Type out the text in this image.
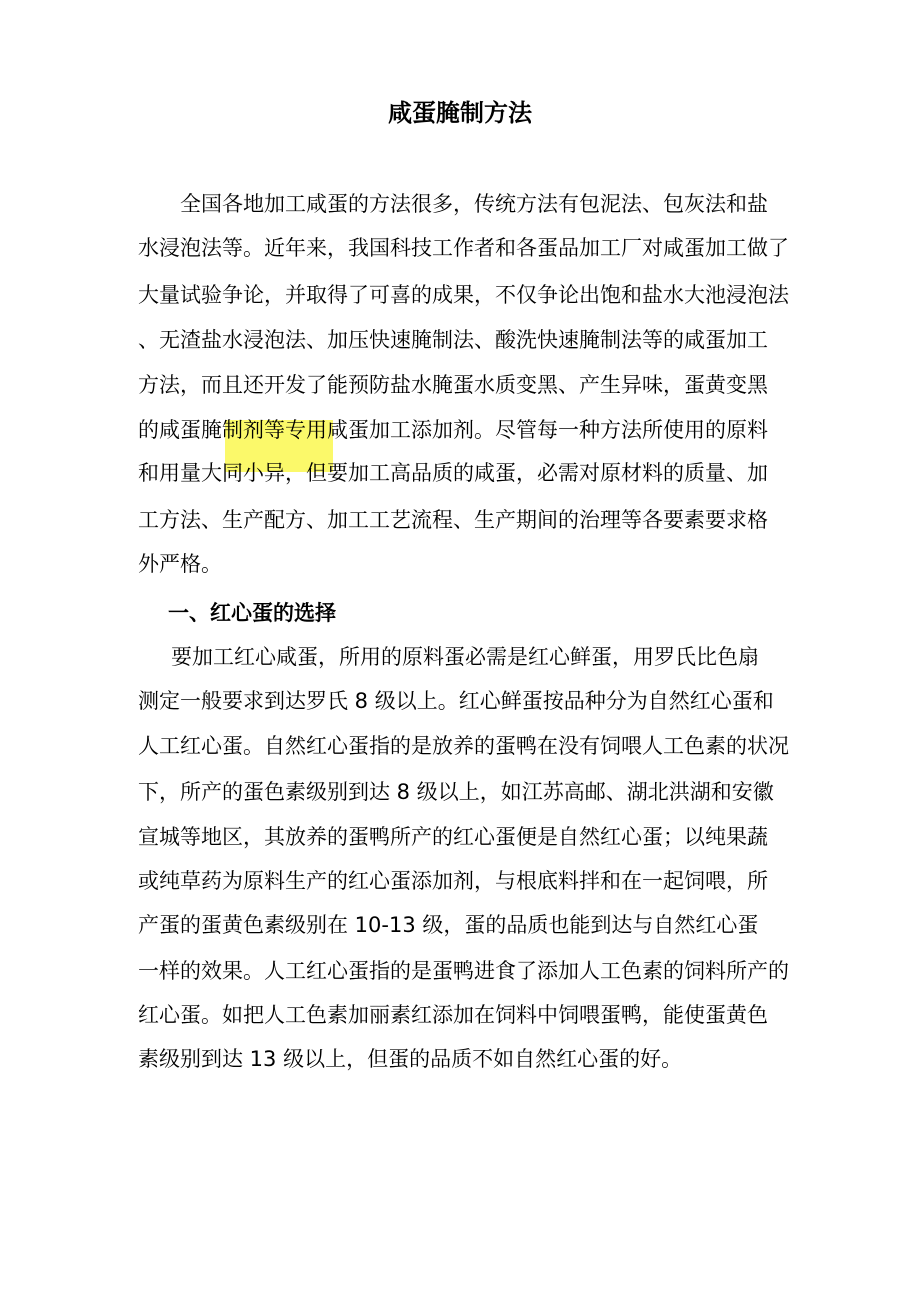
咸蛋腌制方法

全国各地加工咸蛋的方法很多，传统方法有包泥法、包灰法和盐

水浸泡法等。近年来，我国科技工作者和各蛋品加工厂对咸蛋加工做了

大量试验争论，并取得了可喜的成果，不仅争论出饱和盐水大池浸泡法

、无渣盐水浸泡法、加压快速腌制法、酸洗快速腌制法等的咸蛋加工

方法，而且还开发了能预防盐水腌蛋水质变黑、产生异味，蛋黄变黑

的咸蛋腌制剂等专用咸蛋加工添加剂。尽管每一种方法所使用的原料

和用量大同小异，但要加工高品质的咸蛋，必需对原材料的质量、加

工方法、生产配方、加工工艺流程、生产期间的治理等各要素要求格

外严格。

一、红心蛋的选择

要加工红心咸蛋，所用的原料蛋必需是红心鲜蛋，用罗氏比色扇

测定一般要求到达罗氏 8 级以上。红心鲜蛋按品种分为自然红心蛋和

人工红心蛋。自然红心蛋指的是放养的蛋鸭在没有饲喂人工色素的状况

下，所产的蛋色素级别到达 8 级以上，如江苏高邮、湖北洪湖和安徽

宣城等地区，其放养的蛋鸭所产的红心蛋便是自然红心蛋；以纯果蔬

或纯草药为原料生产的红心蛋添加剂，与根底料拌和在一起饲喂，所

产蛋的蛋黄色素级别在 10-13 级，蛋的品质也能到达与自然红心蛋

一样的效果。人工红心蛋指的是蛋鸭进食了添加人工色素的饲料所产的

红心蛋。如把人工色素加丽素红添加在饲料中饲喂蛋鸭，能使蛋黄色

素级别到达 13 级以上，但蛋的品质不如自然红心蛋的好。
